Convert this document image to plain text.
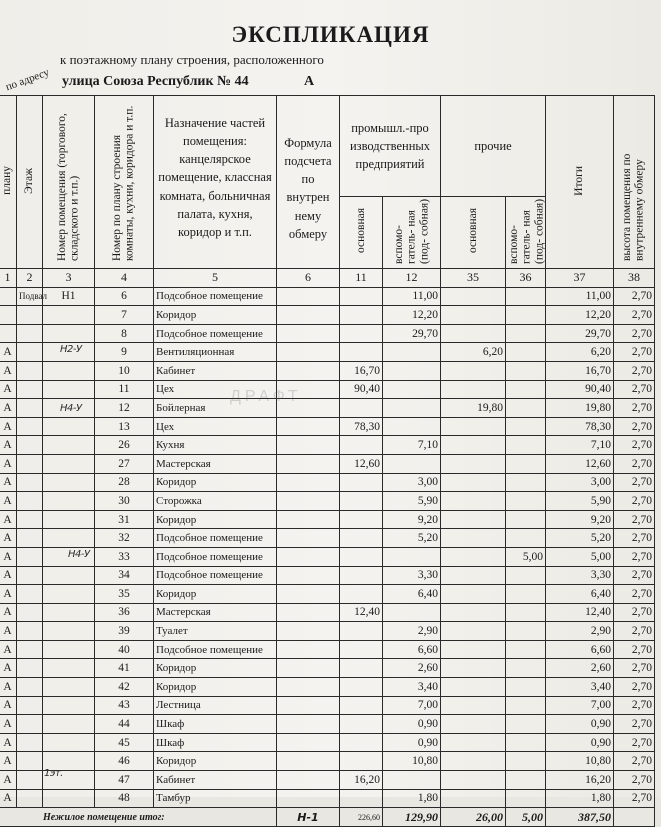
ЭКСПЛИКАЦИЯ
к поэтажному плану строения, расположенного
по адресу улица Союза Республик № 44	А
плану	Этаж	Номер помещения (торгового, складского и т.п.)	Номер по плану строения комнаты, кухни, коридора и т.п.	Назначение частей помещения: канцелярское помещение, классная комната, больничная палата, кухня, коридор и т.п.	Формула подсчета по внутрен нему обмеру	промышл.-про изводственных предприятий		прочие		Итоги	высота помещения по внутреннему обмеру
						основная	вспомо- гатель- ная (под- собная)	основная	вспомо- гатель- ная (под- собная)		
1	2	3	4	5	6	11	12	35	36	37	38
	Подвал	Н1	6	Подсобное помещение			11,00			11,00	2,70
			7	Коридор			12,20			12,20	2,70
			8	Подсобное помещение			29,70			29,70	2,70
А			9	Вентиляционная				6,20		6,20	2,70
А			10	Кабинет		16,70				16,70	2,70
А			11	Цех		90,40				90,40	2,70
А			12	Бойлерная				19,80		19,80	2,70
А			13	Цех		78,30				78,30	2,70
А			26	Кухня			7,10			7,10	2,70
А			27	Мастерская		12,60				12,60	2,70
А			28	Коридор			3,00			3,00	2,70
А			30	Сторожка			5,90			5,90	2,70
А			31	Коридор			9,20			9,20	2,70
А			32	Подсобное помещение			5,20			5,20	2,70
А			33	Подсобное помещение					5,00	5,00	2,70
А			34	Подсобное помещение			3,30			3,30	2,70
А			35	Коридор			6,40			6,40	2,70
А			36	Мастерская		12,40				12,40	2,70
А			39	Туалет			2,90			2,90	2,70
А			40	Подсобное помещение			6,60			6,60	2,70
А			41	Коридор			2,60			2,60	2,70
А			42	Коридор			3,40			3,40	2,70
А			43	Лестница			7,00			7,00	2,70
А			44	Шкаф			0,90			0,90	2,70
А			45	Шкаф			0,90			0,90	2,70
А			46	Коридор			10,80			10,80	2,70
А			47	Кабинет		16,20				16,20	2,70
А			48	Тамбур			1,80			1,80	2,70
Нежилое помещение итог:					Н-1	226,60	129,90	26,00	5,00	387,50	
Н2-У
Н4-У
Н4-У
1эт.
ДРАФТ
